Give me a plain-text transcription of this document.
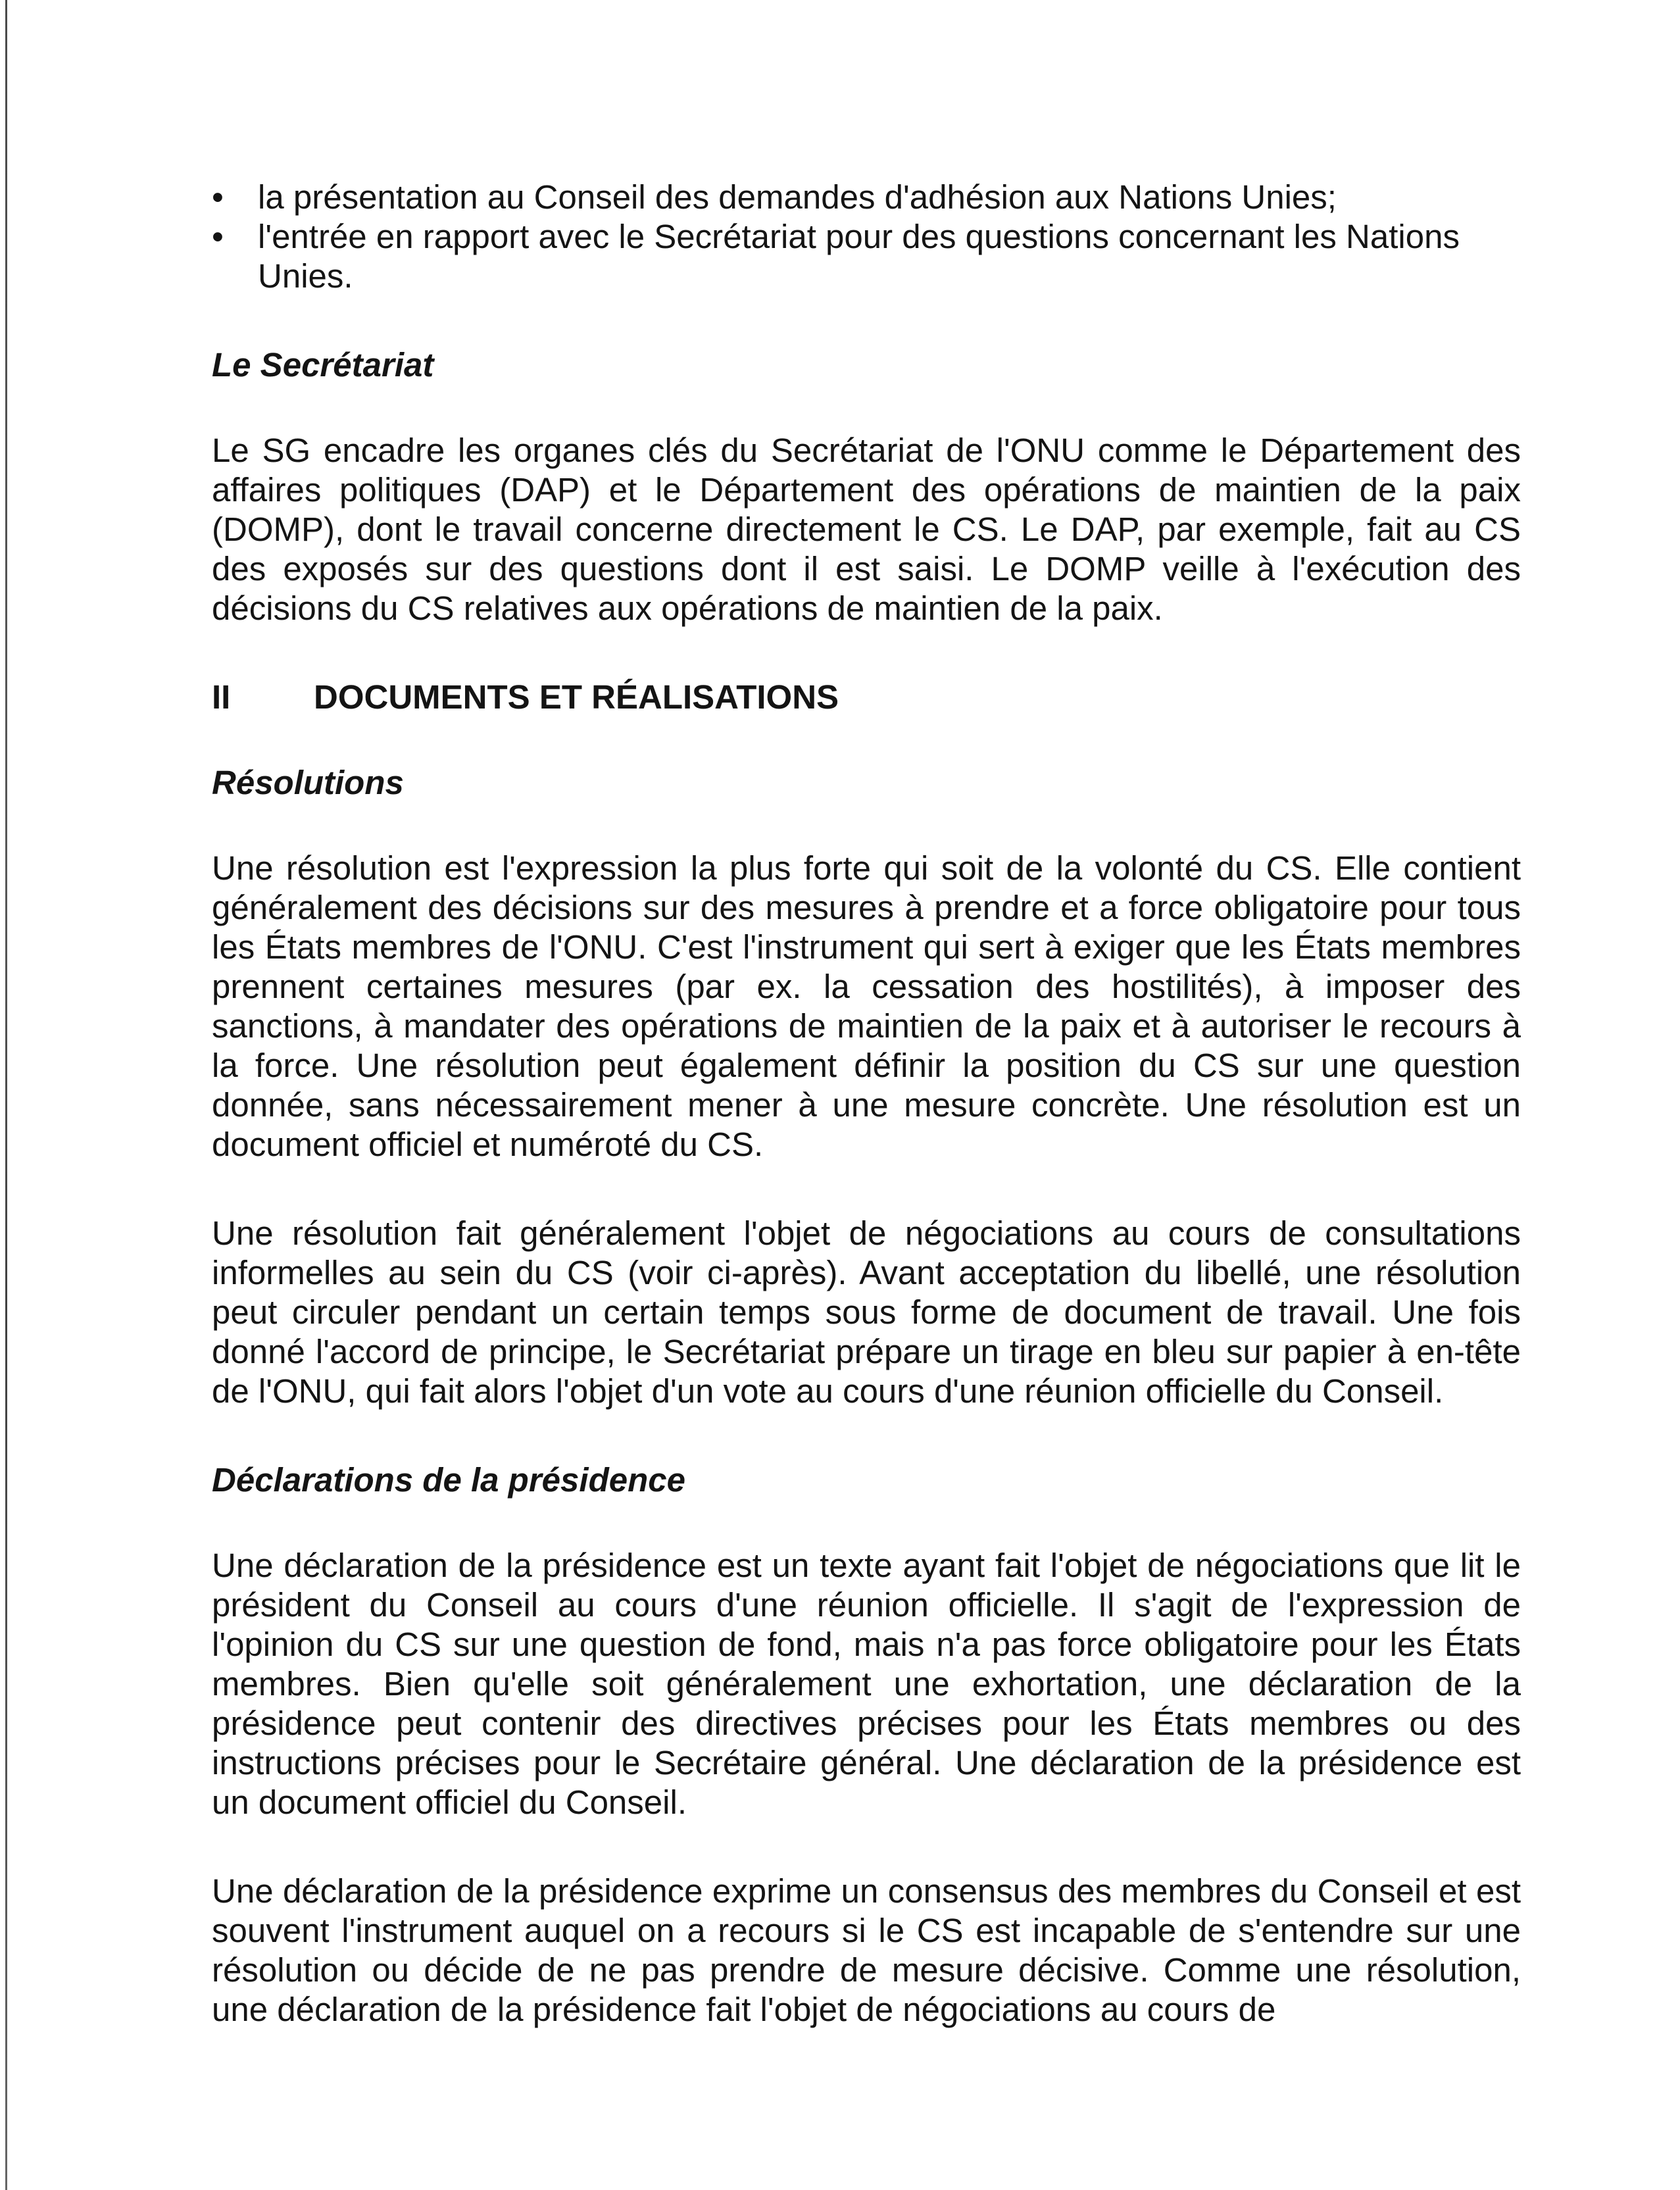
•	la présentation au Conseil des demandes d'adhésion aux Nations Unies;
•	l'entrée en rapport avec le Secrétariat pour des questions concernant les Nations Unies.

Le Secrétariat

Le SG encadre les organes clés du Secrétariat de l'ONU comme le Département des affaires politiques (DAP) et le Département des opérations de maintien de la paix (DOMP), dont le travail concerne directement le CS. Le DAP, par exemple, fait au CS des exposés sur des questions dont il est saisi. Le DOMP veille à l'exécution des décisions du CS relatives aux opérations de maintien de la paix.

II	DOCUMENTS ET RÉALISATIONS

Résolutions

Une résolution est l'expression la plus forte qui soit de la volonté du CS. Elle contient généralement des décisions sur des mesures à prendre et a force obligatoire pour tous les États membres de l'ONU. C'est l'instrument qui sert à exiger que les États membres prennent certaines mesures (par ex. la cessation des hostilités), à imposer des sanctions, à mandater des opérations de maintien de la paix et à autoriser le recours à la force. Une résolution peut également définir la position du CS sur une question donnée, sans nécessairement mener à une mesure concrète. Une résolution est un document officiel et numéroté du CS.

Une résolution fait généralement l'objet de négociations au cours de consultations informelles au sein du CS (voir ci-après). Avant acceptation du libellé, une résolution peut circuler pendant un certain temps sous forme de document de travail. Une fois donné l'accord de principe, le Secrétariat prépare un tirage en bleu sur papier à en-tête de l'ONU, qui fait alors l'objet d'un vote au cours d'une réunion officielle du Conseil.

Déclarations de la présidence

Une déclaration de la présidence est un texte ayant fait l'objet de négociations que lit le président du Conseil au cours d'une réunion officielle. Il s'agit de l'expression de l'opinion du CS sur une question de fond, mais n'a pas force obligatoire pour les États membres. Bien qu'elle soit généralement une exhortation, une déclaration de la présidence peut contenir des directives précises pour les États membres ou des instructions précises pour le Secrétaire général. Une déclaration de la présidence est un document officiel du Conseil.

Une déclaration de la présidence exprime un consensus des membres du Conseil et est souvent l'instrument auquel on a recours si le CS est incapable de s'entendre sur une résolution ou décide de ne pas prendre de mesure décisive. Comme une résolution, une déclaration de la présidence fait l'objet de négociations au cours de
